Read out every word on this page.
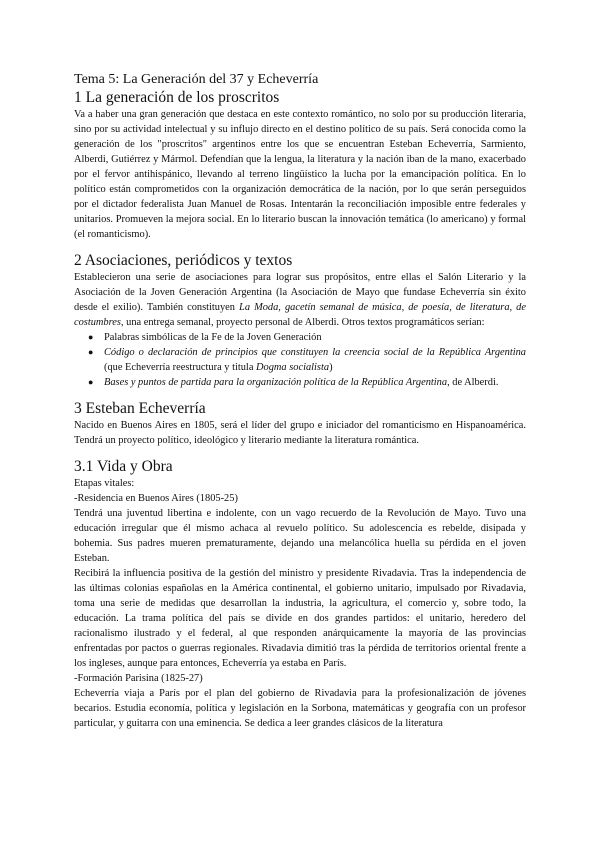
Tema 5: La Generación del 37 y Echeverría
1 La generación de los proscritos

Va a haber una gran generación que destaca en este contexto romántico, no solo por su producción literaria, sino por su actividad intelectual y su influjo directo en el destino político de su país. Será conocida como la generación de los "proscritos" argentinos entre los que se encuentran Esteban Echeverría, Sarmiento, Alberdi, Gutiérrez y Mármol. Defendían que la lengua, la literatura y la nación iban de la mano, exacerbado por el fervor antihispánico, llevando al terreno lingüístico la lucha por la emancipación política. En lo político están comprometidos con la organización democrática de la nación, por lo que serán perseguidos por el dictador federalista Juan Manuel de Rosas. Intentarán la reconciliación imposible entre federales y unitarios. Promueven la mejora social. En lo literario buscan la innovación temática (lo americano) y formal (el romanticismo).

2 Asociaciones, periódicos y textos

Establecieron una serie de asociaciones para lograr sus propósitos, entre ellas el Salón Literario y la Asociación de la Joven Generación Argentina (la Asociación de Mayo que fundase Echeverría sin éxito desde el exilio). También constituyen La Moda, gacetín semanal de música, de poesía, de literatura, de costumbres, una entrega semanal, proyecto personal de Alberdi. Otros textos programáticos serían:

● Palabras simbólicas de la Fe de la Joven Generación
● Código o declaración de principios que constituyen la creencia social de la República Argentina (que Echeverría reestructura y titula Dogma socialista)
● Bases y puntos de partida para la organización política de la República Argentina, de Alberdi.
3 Esteban Echeverría

Nacido en Buenos Aires en 1805, será el líder del grupo e iniciador del romanticismo en Hispanoamérica. Tendrá un proyecto político, ideológico y literario mediante la literatura romántica.

3.1 Vida y Obra

Etapas vitales:

-Residencia en Buenos Aires (1805-25)

Tendrá una juventud libertina e indolente, con un vago recuerdo de la Revolución de Mayo. Tuvo una educación irregular que él mismo achaca al revuelo político. Su adolescencia es rebelde, disipada y bohemia. Sus padres mueren prematuramente, dejando una melancólica huella su pérdida en el joven Esteban.

Recibirá la influencia positiva de la gestión del ministro y presidente Rivadavia. Tras la independencia de las últimas colonias españolas en la América continental, el gobierno unitario, impulsado por Rivadavia, toma una serie de medidas que desarrollan la industria, la agricultura, el comercio y, sobre todo, la educación. La trama política del país se divide en dos grandes partidos: el unitario, heredero del racionalismo ilustrado y el federal, al que responden anárquicamente la mayoría de las provincias enfrentadas por pactos o guerras regionales. Rivadavia dimitió tras la pérdida de territorios oriental frente a los ingleses, aunque para entonces, Echeverría ya estaba en París.

-Formación Parisina (1825-27)

Echeverría viaja a París por el plan del gobierno de Rivadavia para la profesionalización de jóvenes becarios. Estudia economía, política y legislación en la Sorbona, matemáticas y geografía con un profesor particular, y guitarra con una eminencia. Se dedica a leer grandes clásicos de la literatura
